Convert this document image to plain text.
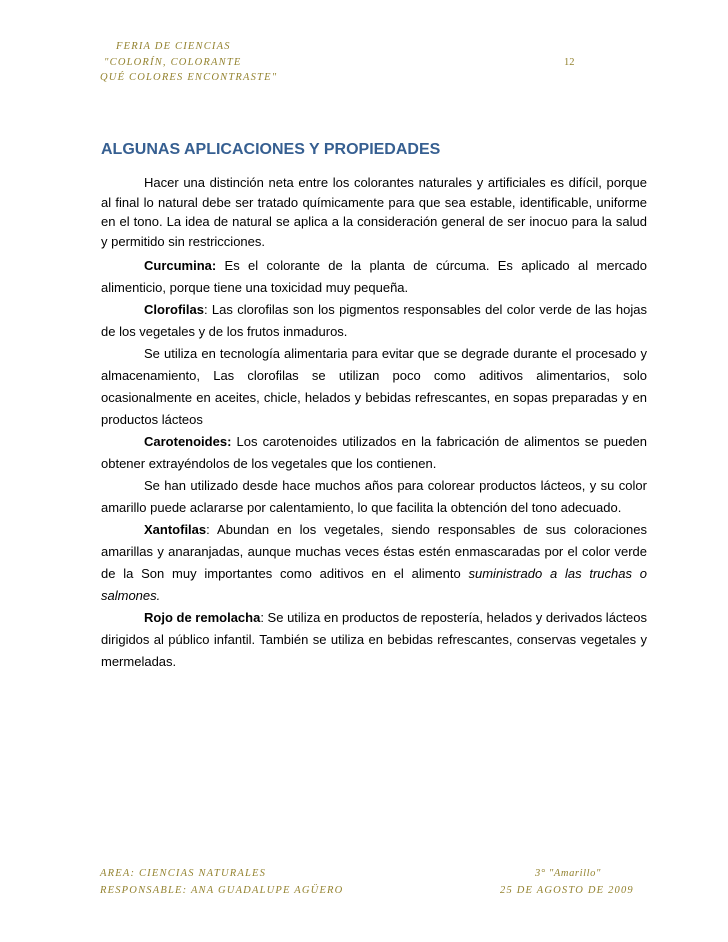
FERIA DE CIENCIAS
"COLORÍN, COLORANTE
QUÉ COLORES ENCONTRASTE"
12
ALGUNAS APLICACIONES Y PROPIEDADES

Hacer una distinción neta entre los colorantes naturales y artificiales es difícil, porque al final lo natural debe ser tratado químicamente para que sea estable, identificable, uniforme en el tono. La idea de natural se aplica a la consideración general de ser inocuo para la salud y permitido sin restricciones.

Curcumina: Es el colorante de la planta de cúrcuma. Es aplicado al mercado alimenticio, porque tiene una toxicidad muy pequeña.

Clorofilas: Las clorofilas son los pigmentos responsables del color verde de las hojas de los vegetales y de los frutos inmaduros.

Se utiliza en tecnología alimentaria para evitar que se degrade durante el procesado y almacenamiento, Las clorofilas se utilizan poco como aditivos alimentarios, solo ocasionalmente en aceites, chicle, helados y bebidas refrescantes, en sopas preparadas y en productos lácteos

Carotenoides: Los carotenoides utilizados en la fabricación de alimentos se pueden obtener extrayéndolos de los vegetales que los contienen.

Se han utilizado desde hace muchos años para colorear productos lácteos, y su color amarillo puede aclararse por calentamiento, lo que facilita la obtención del tono adecuado.

Xantofilas: Abundan en los vegetales, siendo responsables de sus coloraciones amarillas y anaranjadas, aunque muchas veces éstas estén enmascaradas por el color verde de la Son muy importantes como aditivos en el alimento suministrado a las truchas o salmones.

Rojo de remolacha: Se utiliza en productos de repostería, helados y derivados lácteos dirigidos al público infantil. También se utiliza en bebidas refrescantes, conservas vegetales y mermeladas.

AREA: CIENCIAS NATURALES
RESPONSABLE: ANA GUADALUPE AGÜERO
3° "Amarillo"
25 DE AGOSTO DE 2009
